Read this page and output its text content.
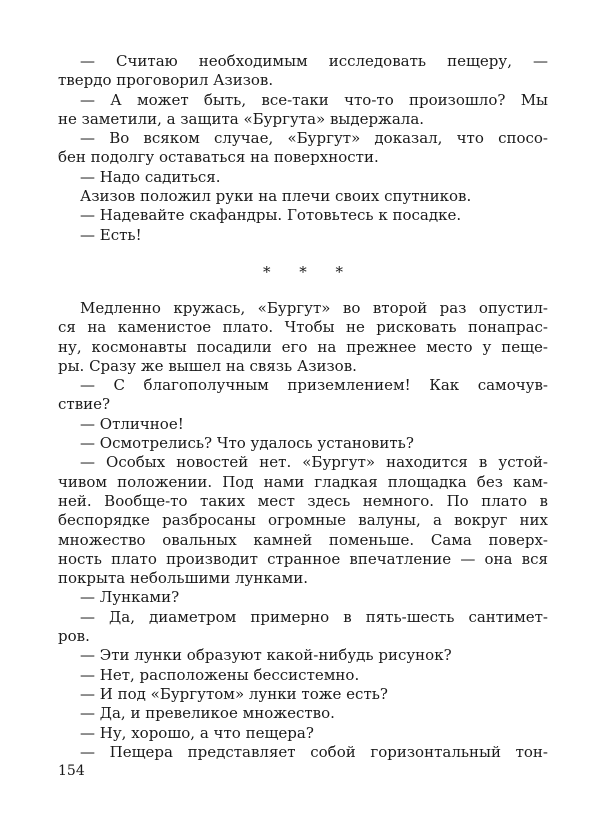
— Считаю необходимым исследовать пещеру, —
твердо проговорил Азизов.
— А может быть, все-таки что-то произошло? Мы
не заметили, а защита «Бургута» выдержала.
— Во всяком случае, «Бургут» доказал, что спосо-
бен подолгу оставаться на поверхности.
— Надо садиться.
Азизов положил руки на плечи своих спутников.
— Надевайте скафандры. Готовьтесь к посадке.
— Есть!
* * *
Медленно кружась, «Бургут» во второй раз опустил-
ся на каменистое плато. Чтобы не рисковать понапрас-
ну, космонавты посадили его на прежнее место у пеще-
ры. Сразу же вышел на связь Азизов.
— С благополучным приземлением! Как самочув-
ствие?
— Отличное!
— Осмотрелись? Что удалось установить?
— Особых новостей нет. «Бургут» находится в устой-
чивом положении. Под нами гладкая площадка без кам-
ней. Вообще-то таких мест здесь немного. По плато в
беспорядке разбросаны огромные валуны, а вокруг них
множество овальных камней поменьше. Сама поверх-
ность плато производит странное впечатление — она вся
покрыта небольшими лунками.
— Лунками?
— Да, диаметром примерно в пять-шесть сантимет-
ров.
— Эти лунки образуют какой-нибудь рисунок?
— Нет, расположены бессистемно.
— И под «Бургутом» лунки тоже есть?
— Да, и превеликое множество.
— Ну, хорошо, а что пещера?
— Пещера представляет собой горизонтальный тон-
154
